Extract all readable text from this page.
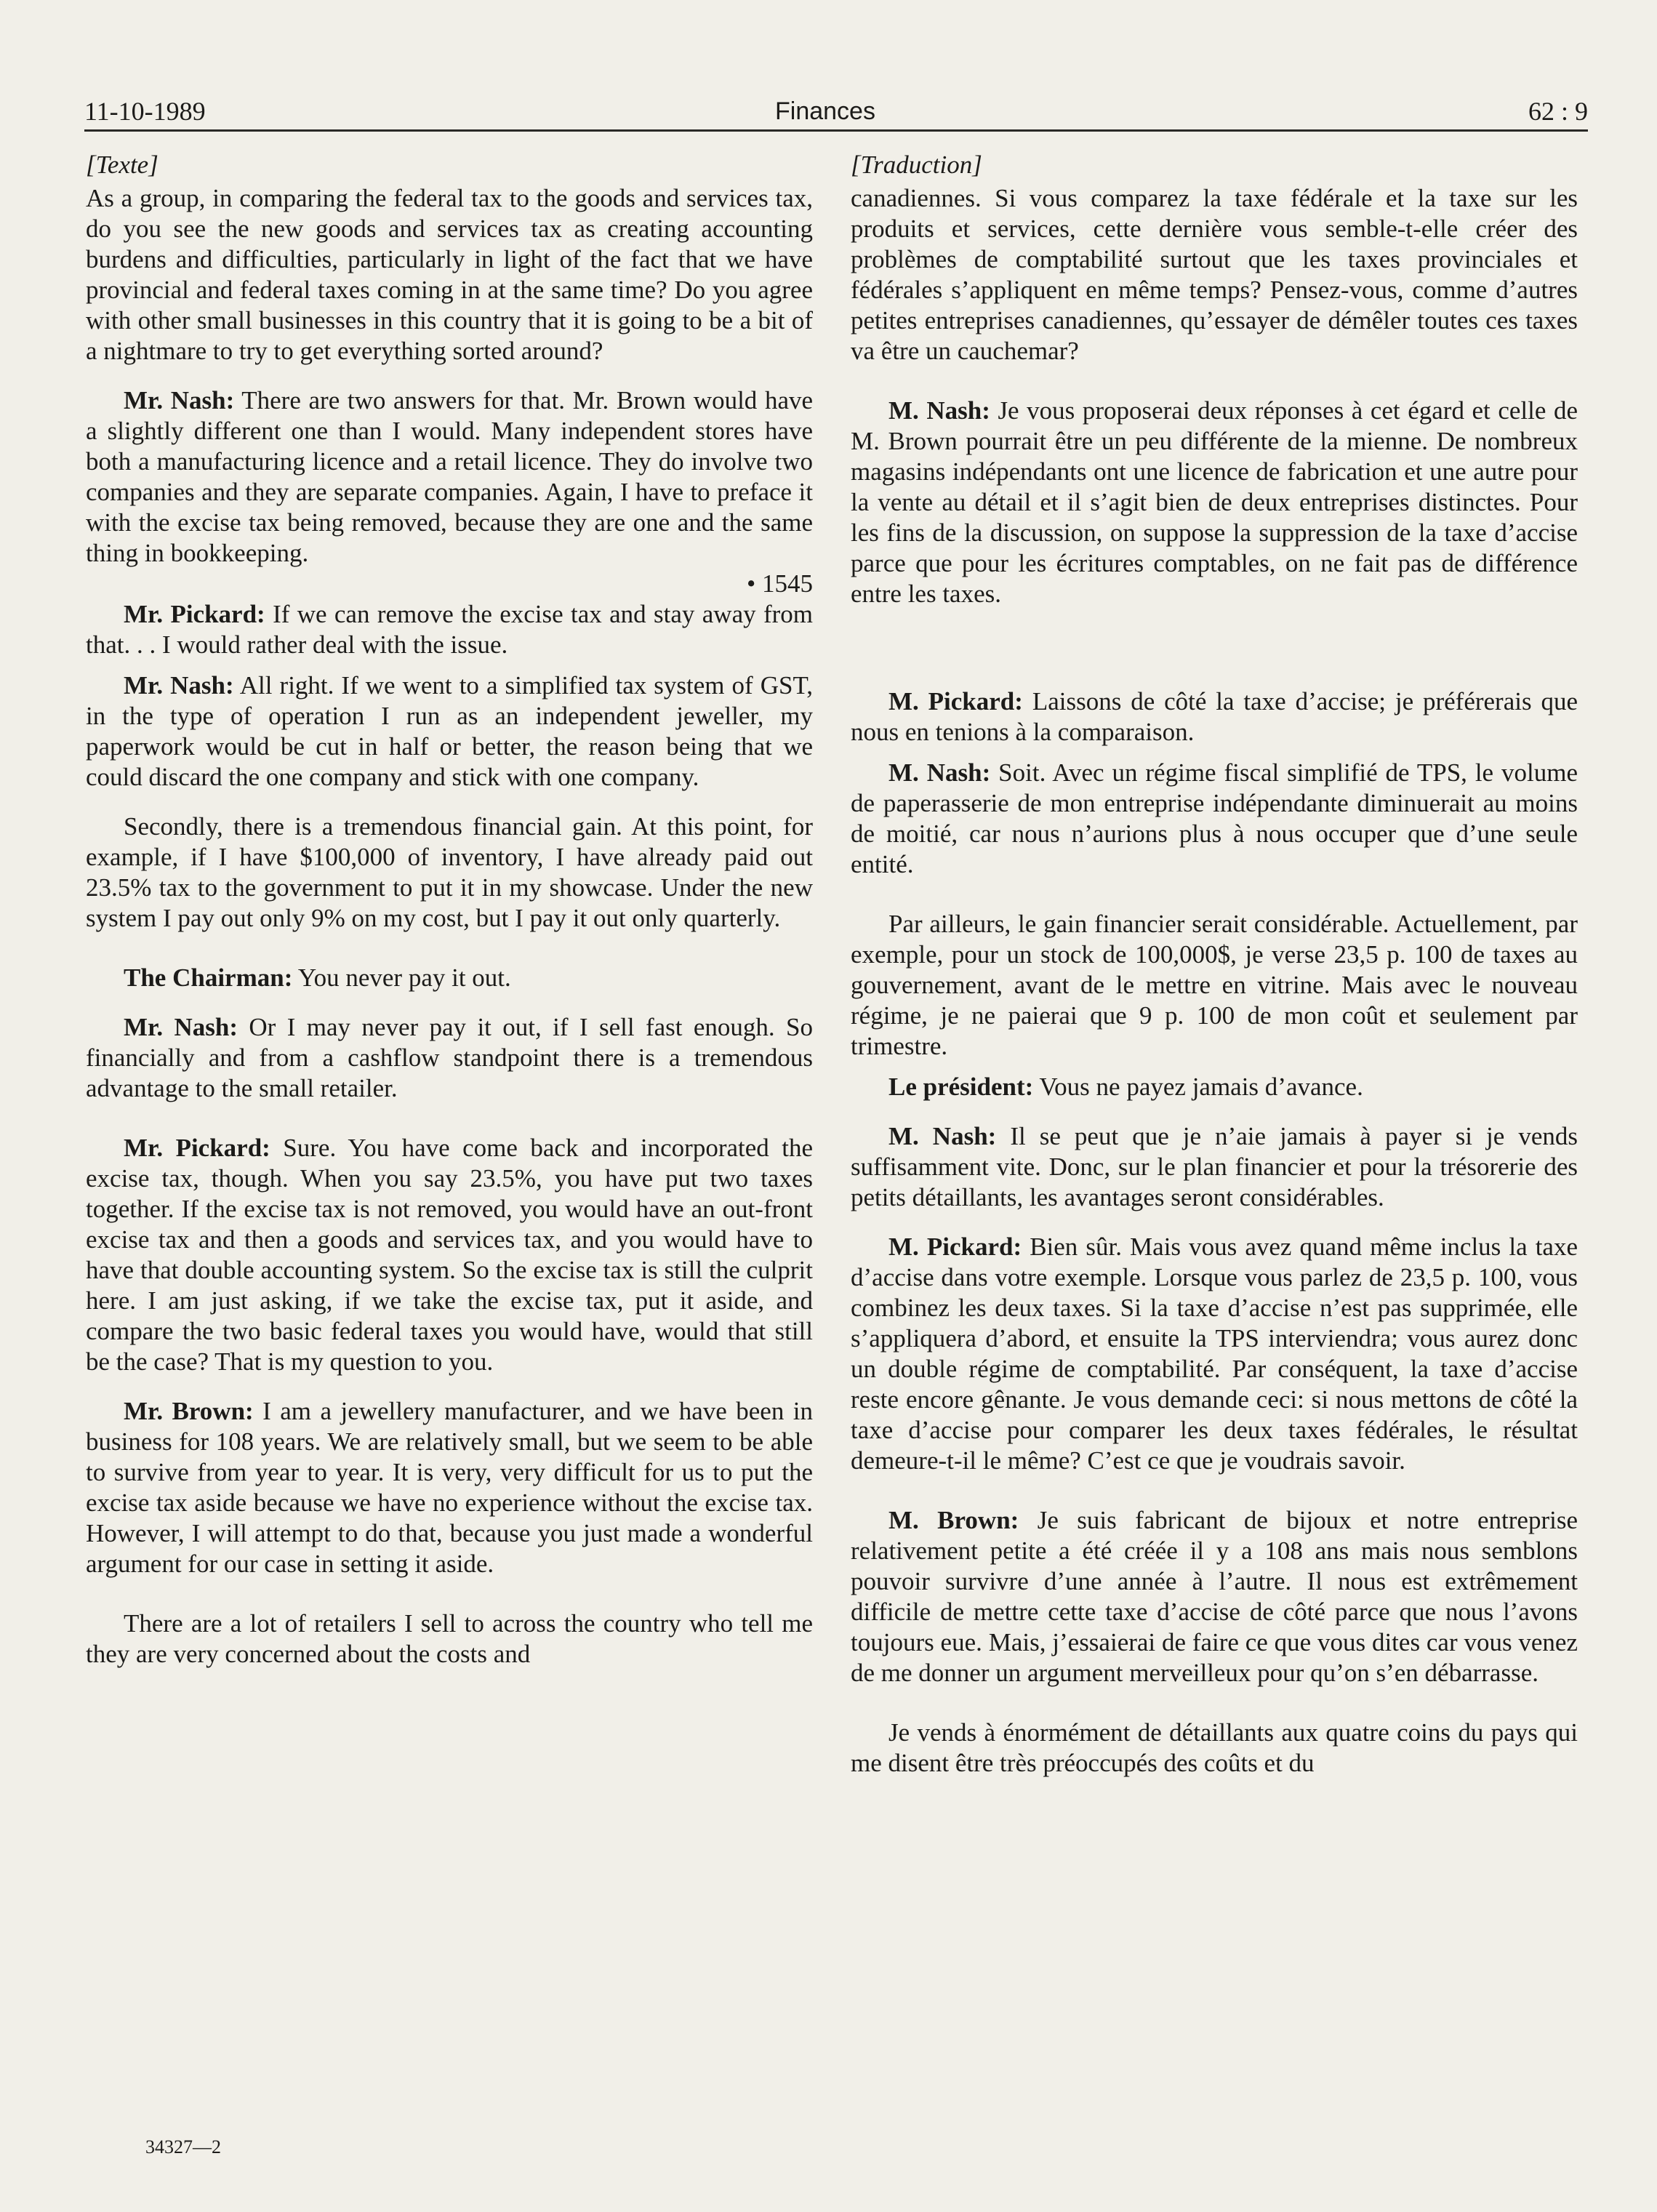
11-10-1989	Finances	62 : 9

[Texte]

As a group, in comparing the federal tax to the goods and services tax, do you see the new goods and services tax as creating accounting burdens and difficulties, particularly in light of the fact that we have provincial and federal taxes coming in at the same time? Do you agree with other small businesses in this country that it is going to be a bit of a nightmare to try to get everything sorted around?

Mr. Nash: There are two answers for that. Mr. Brown would have a slightly different one than I would. Many independent stores have both a manufacturing licence and a retail licence. They do involve two companies and they are separate companies. Again, I have to preface it with the excise tax being removed, because they are one and the same thing in bookkeeping.

• 1545

Mr. Pickard: If we can remove the excise tax and stay away from that. . . I would rather deal with the issue.

Mr. Nash: All right. If we went to a simplified tax system of GST, in the type of operation I run as an independent jeweller, my paperwork would be cut in half or better, the reason being that we could discard the one company and stick with one company.

Secondly, there is a tremendous financial gain. At this point, for example, if I have $100,000 of inventory, I have already paid out 23.5% tax to the government to put it in my showcase. Under the new system I pay out only 9% on my cost, but I pay it out only quarterly.

The Chairman: You never pay it out.

Mr. Nash: Or I may never pay it out, if I sell fast enough. So financially and from a cashflow standpoint there is a tremendous advantage to the small retailer.

Mr. Pickard: Sure. You have come back and incorporated the excise tax, though. When you say 23.5%, you have put two taxes together. If the excise tax is not removed, you would have an out-front excise tax and then a goods and services tax, and you would have to have that double accounting system. So the excise tax is still the culprit here. I am just asking, if we take the excise tax, put it aside, and compare the two basic federal taxes you would have, would that still be the case? That is my question to you.

Mr. Brown: I am a jewellery manufacturer, and we have been in business for 108 years. We are relatively small, but we seem to be able to survive from year to year. It is very, very difficult for us to put the excise tax aside because we have no experience without the excise tax. However, I will attempt to do that, because you just made a wonderful argument for our case in setting it aside.

There are a lot of retailers I sell to across the country who tell me they are very concerned about the costs and

[Traduction]

canadiennes. Si vous comparez la taxe fédérale et la taxe sur les produits et services, cette dernière vous semble-t-elle créer des problèmes de comptabilité surtout que les taxes provinciales et fédérales s’appliquent en même temps? Pensez-vous, comme d’autres petites entreprises canadiennes, qu’essayer de démêler toutes ces taxes va être un cauchemar?

M. Nash: Je vous proposerai deux réponses à cet égard et celle de M. Brown pourrait être un peu différente de la mienne. De nombreux magasins indépendants ont une licence de fabrication et une autre pour la vente au détail et il s’agit bien de deux entreprises distinctes. Pour les fins de la discussion, on suppose la suppression de la taxe d’accise parce que pour les écritures comptables, on ne fait pas de différence entre les taxes.

M. Pickard: Laissons de côté la taxe d’accise; je préférerais que nous en tenions à la comparaison.

M. Nash: Soit. Avec un régime fiscal simplifié de TPS, le volume de paperasserie de mon entreprise indépendante diminuerait au moins de moitié, car nous n’aurions plus à nous occuper que d’une seule entité.

Par ailleurs, le gain financier serait considérable. Actuellement, par exemple, pour un stock de 100,000$, je verse 23,5 p. 100 de taxes au gouvernement, avant de le mettre en vitrine. Mais avec le nouveau régime, je ne paierai que 9 p. 100 de mon coût et seulement par trimestre.

Le président: Vous ne payez jamais d’avance.

M. Nash: Il se peut que je n’aie jamais à payer si je vends suffisamment vite. Donc, sur le plan financier et pour la trésorerie des petits détaillants, les avantages seront considérables.

M. Pickard: Bien sûr. Mais vous avez quand même inclus la taxe d’accise dans votre exemple. Lorsque vous parlez de 23,5 p. 100, vous combinez les deux taxes. Si la taxe d’accise n’est pas supprimée, elle s’appliquera d’abord, et ensuite la TPS interviendra; vous aurez donc un double régime de comptabilité. Par conséquent, la taxe d’accise reste encore gênante. Je vous demande ceci: si nous mettons de côté la taxe d’accise pour comparer les deux taxes fédérales, le résultat demeure-t-il le même? C’est ce que je voudrais savoir.

M. Brown: Je suis fabricant de bijoux et notre entreprise relativement petite a été créée il y a 108 ans mais nous semblons pouvoir survivre d’une année à l’autre. Il nous est extrêmement difficile de mettre cette taxe d’accise de côté parce que nous l’avons toujours eue. Mais, j’essaierai de faire ce que vous dites car vous venez de me donner un argument merveilleux pour qu’on s’en débarrasse.

Je vends à énormément de détaillants aux quatre coins du pays qui me disent être très préoccupés des coûts et du

34327—2
